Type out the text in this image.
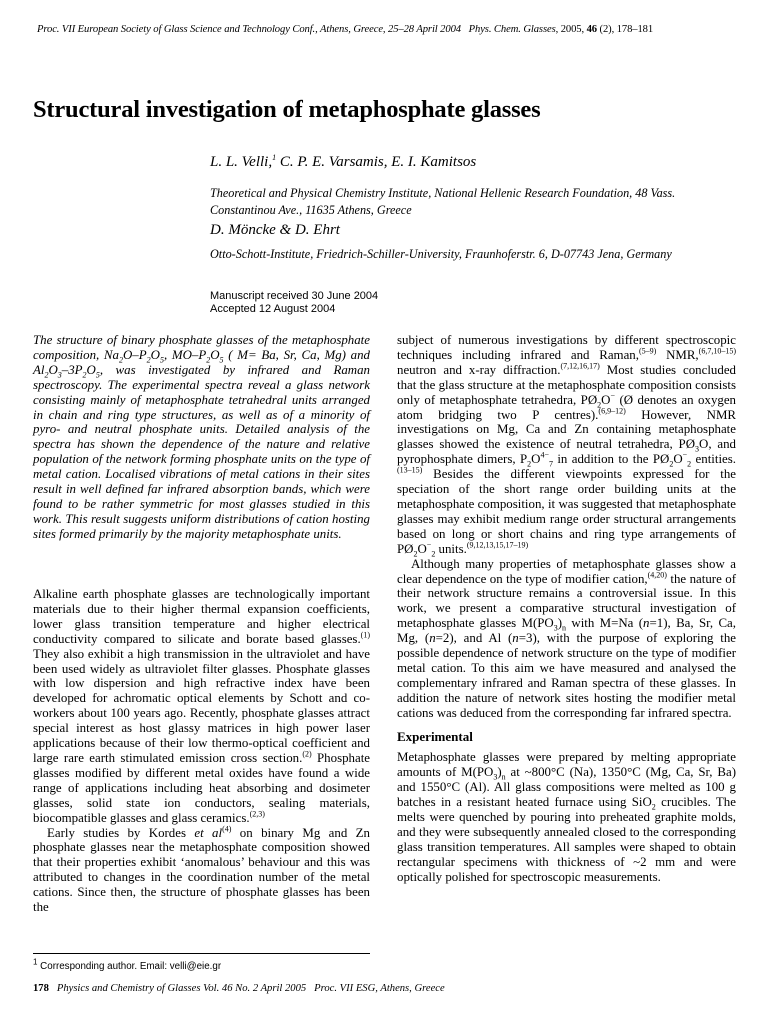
Proc. VII European Society of Glass Science and Technology Conf., Athens, Greece, 25–28 April 2004 Phys. Chem. Glasses, 2005, 46 (2), 178–181
Structural investigation of metaphosphate glasses
L. L. Velli,$^1$ C. P. E. Varsamis, E. I. Kamitsos
Theoretical and Physical Chemistry Institute, National Hellenic Research Foundation, 48 Vass. Constantinou Ave., 11635 Athens, Greece
D. Möncke & D. Ehrt
Otto-Schott-Institute, Friedrich-Schiller-University, Fraunhoferstr. 6, D-07743 Jena, Germany
Manuscript received 30 June 2004
Accepted 12 August 2004

The structure of binary phosphate glasses of the metaphosphate composition, $Na_2O-P_2O_5$, $MO-P_2O_5$ ( M= Ba, Sr, Ca, Mg) and $Al_2O_3-3P_2O_5$, was investigated by infrared and Raman spectroscopy. The experimental spectra reveal a glass network consisting mainly of metaphosphate tetrahedral units arranged in chain and ring type structures, as well as of a minority of pyro- and neutral phosphate units. Detailed analysis of the spectra has shown the dependence of the nature and relative population of the network forming phosphate units on the type of metal cation. Localised vibrations of metal cations in their sites result in well defined far infrared absorption bands, which were found to be rather symmetric for most glasses studied in this work. This result suggests uniform distributions of cation hosting sites formed primarily by the majority metaphosphate units.

Alkaline earth phosphate glasses are technologically important materials due to their higher thermal expansion coefficients, lower glass transition temperature and higher electrical conductivity compared to silicate and borate based glasses.$^{(1)}$ They also exhibit a high transmission in the ultraviolet and have been used widely as ultraviolet filter glasses. Phosphate glasses with low dispersion and high refractive index have been developed for achromatic optical elements by Schott and co-workers about 100 years ago. Recently, phosphate glasses attract special interest as host glassy matrices in high power laser applications because of their low thermo-optical coefficient and large rare earth stimulated emission cross section.$^{(2)}$ Phosphate glasses modified by different metal oxides have found a wide range of applications including heat absorbing and dosimeter glasses, solid state ion conductors, sealing materials, biocompatible glasses and glass ceramics.$^{(2,3)}$

Early studies by Kordes et $al^{(4)}$ on binary Mg and Zn phosphate glasses near the metaphosphate composition showed that their properties exhibit ‘anomalous’ behaviour and this was attributed to changes in the coordination number of the metal cations. Since then, the structure of phosphate glasses has been the

subject of numerous investigations by different spectroscopic techniques including infrared and Raman,$^{(5-9)}$ NMR,$^{(6,7,10-15)}$ neutron and x-ray diffraction.$^{(7,12,16,17)}$ Most studies concluded that the glass structure at the metaphosphate composition consists only of metaphosphate tetrahedra, $PØ_2O^-$ (Ø denotes an oxygen atom bridging two P centres).$^{(6,9-12)}$ However, NMR investigations on Mg, Ca and Zn containing metaphosphate glasses showed the existence of neutral tetrahedra, $PØ_3O$, and pyrophosphate dimers, $P_2O^{4-}_7$ in addition to the $PØ_2O^-_2$ entities.$^{(13-15)}$ Besides the different viewpoints expressed for the speciation of the short range order building units at the metaphosphate composition, it was suggested that metaphosphate glasses may exhibit medium range order structural arrangements based on long or short chains and ring type arrangements of $PØ_2O^-_2$ units.$^{(9,12,13,15,17-19)}$

Although many properties of metaphosphate glasses show a clear dependence on the type of modifier cation,$^{(4,20)}$ the nature of their network structure remains a controversial issue. In this work, we present a comparative structural investigation of metaphosphate glasses $M(PO_3)_n$ with M=Na (n=1), Ba, Sr, Ca, Mg, (n=2), and Al (n=3), with the purpose of exploring the possible dependence of network structure on the type of modifier metal cation. To this aim we have measured and analysed the complementary infrared and Raman spectra of these glasses. In addition the nature of network sites hosting the modifier metal cations was deduced from the corresponding far infrared spectra.

Experimental

Metaphosphate glasses were prepared by melting appropriate amounts of $M(PO_3)_n$ at ~800°C (Na), 1350°C (Mg, Ca, Sr, Ba) and 1550°C (Al). All glass compositions were melted as 100 g batches in a resistant heated furnace using SiO$_2$ crucibles. The melts were quenched by pouring into preheated graphite molds, and they were subsequently annealed closed to the corresponding glass transition temperatures. All samples were shaped to obtain rectangular specimens with thickness of ~2 mm and were optically polished for spectroscopic measurements.

$^1$ Corresponding author. Email: velli@eie.gr
178 Physics and Chemistry of Glasses Vol. 46 No. 2 April 2005 Proc. VII ESG, Athens, Greece
